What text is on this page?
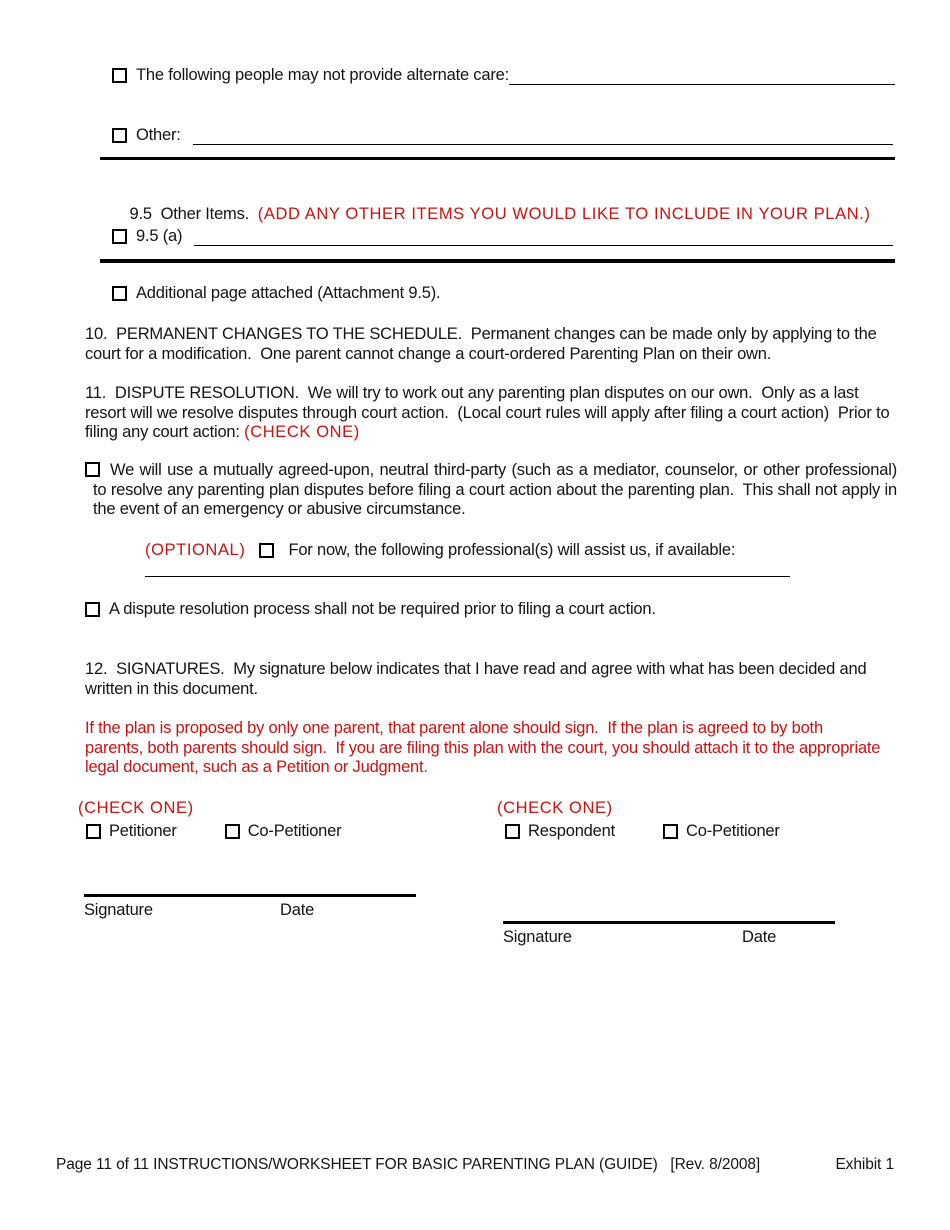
The following people may not provide alternate care:
Other:

9.5  Other Items.  (ADD ANY OTHER ITEMS YOU WOULD LIKE TO INCLUDE IN YOUR PLAN.)

9.5 (a)
Additional page attached (Attachment 9.5).

10.  PERMANENT CHANGES TO THE SCHEDULE.  Permanent changes can be made only by applying to the court for a modification.  One parent cannot change a court-ordered Parenting Plan on their own.

11.  DISPUTE RESOLUTION.  We will try to work out any parenting plan disputes on our own.  Only as a last resort will we resolve disputes through court action.  (Local court rules will apply after filing a court action)  Prior to filing any court action: (CHECK ONE)

We will use a mutually agreed-upon, neutral third-party (such as a mediator, counselor, or other professional) to resolve any parenting plan disputes before filing a court action about the parenting plan.  This shall not apply in the event of an emergency or abusive circumstance.

(OPTIONAL)	For now, the following professional(s) will assist us, if available:
A dispute resolution process shall not be required prior to filing a court action.

12.  SIGNATURES.  My signature below indicates that I have read and agree with what has been decided and written in this document.

If the plan is proposed by only one parent, that parent alone should sign.  If the plan is agreed to by both parents, both parents should sign.  If you are filing this plan with the court, you should attach it to the appropriate legal document, such as a Petition or Judgment.

(CHECK ONE)
Petitioner	Co-Petitioner
(CHECK ONE)
Respondent	Co-Petitioner
Signature	Date
Signature	Date
Page 11 of 11 INSTRUCTIONS/WORKSHEET FOR BASIC PARENTING PLAN (GUIDE)   [Rev. 8/2008]	Exhibit 1
